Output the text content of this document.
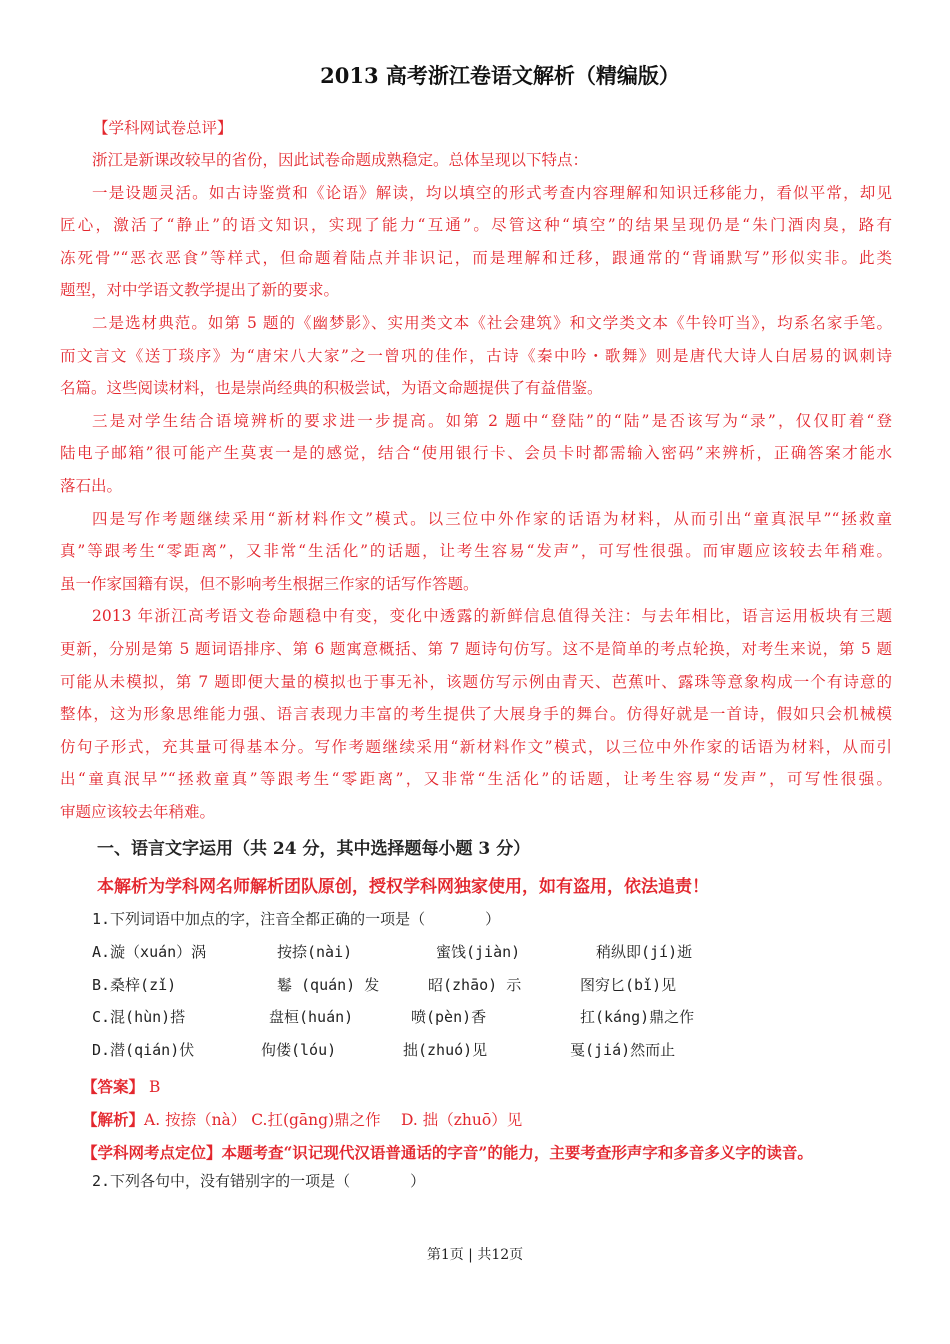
2013 高考浙江卷语文解析（精编版）
【学科网试卷总评】
浙江是新课改较早的省份，因此试卷命题成熟稳定。总体呈现以下特点：
一是设题灵活。如古诗鉴赏和《论语》解读，均以填空的形式考查内容理解和知识迁移能力，看似平常，却见
匠心，激活了“静止”的语文知识，实现了能力“互通”。尽管这种“填空”的结果呈现仍是“朱门酒肉臭，路有
冻死骨”“恶衣恶食”等样式，但命题着陆点并非识记，而是理解和迁移，跟通常的“背诵默写”形似实非。此类
题型，对中学语文教学提出了新的要求。
二是选材典范。如第 5 题的《幽梦影》、实用类文本《社会建筑》和文学类文本《牛铃叮当》，均系名家手笔。
而文言文《送丁琰序》为“唐宋八大家”之一曾巩的佳作，古诗《秦中吟・歌舞》则是唐代大诗人白居易的讽刺诗
名篇。这些阅读材料，也是崇尚经典的积极尝试，为语文命题提供了有益借鉴。
三是对学生结合语境辨析的要求进一步提高。如第 2 题中“登陆”的“陆”是否该写为“录”，仅仅盯着“登
陆电子邮箱”很可能产生莫衷一是的感觉，结合“使用银行卡、会员卡时都需输入密码”来辨析，正确答案才能水
落石出。
四是写作考题继续采用“新材料作文”模式。以三位中外作家的话语为材料，从而引出“童真泯早”“拯救童
真”等跟考生“零距离”，又非常“生活化”的话题，让考生容易“发声”，可写性很强。而审题应该较去年稍难。
虽一作家国籍有误，但不影响考生根据三作家的话写作答题。
2013 年浙江高考语文卷命题稳中有变，变化中透露的新鲜信息值得关注：与去年相比，语言运用板块有三题
更新，分别是第 5 题词语排序、第 6 题寓意概括、第 7 题诗句仿写。这不是简单的考点轮换，对考生来说，第 5 题
可能从未模拟，第 7 题即便大量的模拟也于事无补，该题仿写示例由青天、芭蕉叶、露珠等意象构成一个有诗意的
整体，这为形象思维能力强、语言表现力丰富的考生提供了大展身手的舞台。仿得好就是一首诗，假如只会机械模
仿句子形式，充其量可得基本分。写作考题继续采用“新材料作文”模式，以三位中外作家的话语为材料，从而引
出“童真泯早”“拯救童真”等跟考生“零距离”，又非常“生活化”的话题，让考生容易“发声”，可写性很强。
审题应该较去年稍难。
一、语言文字运用（共 24 分，其中选择题每小题 3 分）
本解析为学科网名师解析团队原创，授权学科网独家使用，如有盗用，依法追责！
1.下列词语中加点的字，注音全都正确的一项是（　　　　）
A.漩（xuán）涡	按捺(nài)	蜜饯(jiàn)	稍纵即(jí)逝
B.桑梓(zǐ)	鬈 (quán) 发	昭(zhāo) 示	图穷匕(bǐ)见
C.混(hùn)搭	盘桓(huán)	喷(pèn)香	扛(káng)鼎之作
D.潜(qián)伏	佝偻(lóu)	拙(zhuó)见	戛(jiá)然而止
【答案】 B
【解析】A. 按捺（nà） C.扛(gāng)鼎之作　 D. 拙（zhuō）见
【学科网考点定位】本题考查“识记现代汉语普通话的字音”的能力，主要考查形声字和多音多义字的读音。
2.下列各句中，没有错别字的一项是（　　　　）
第1页 | 共12页
